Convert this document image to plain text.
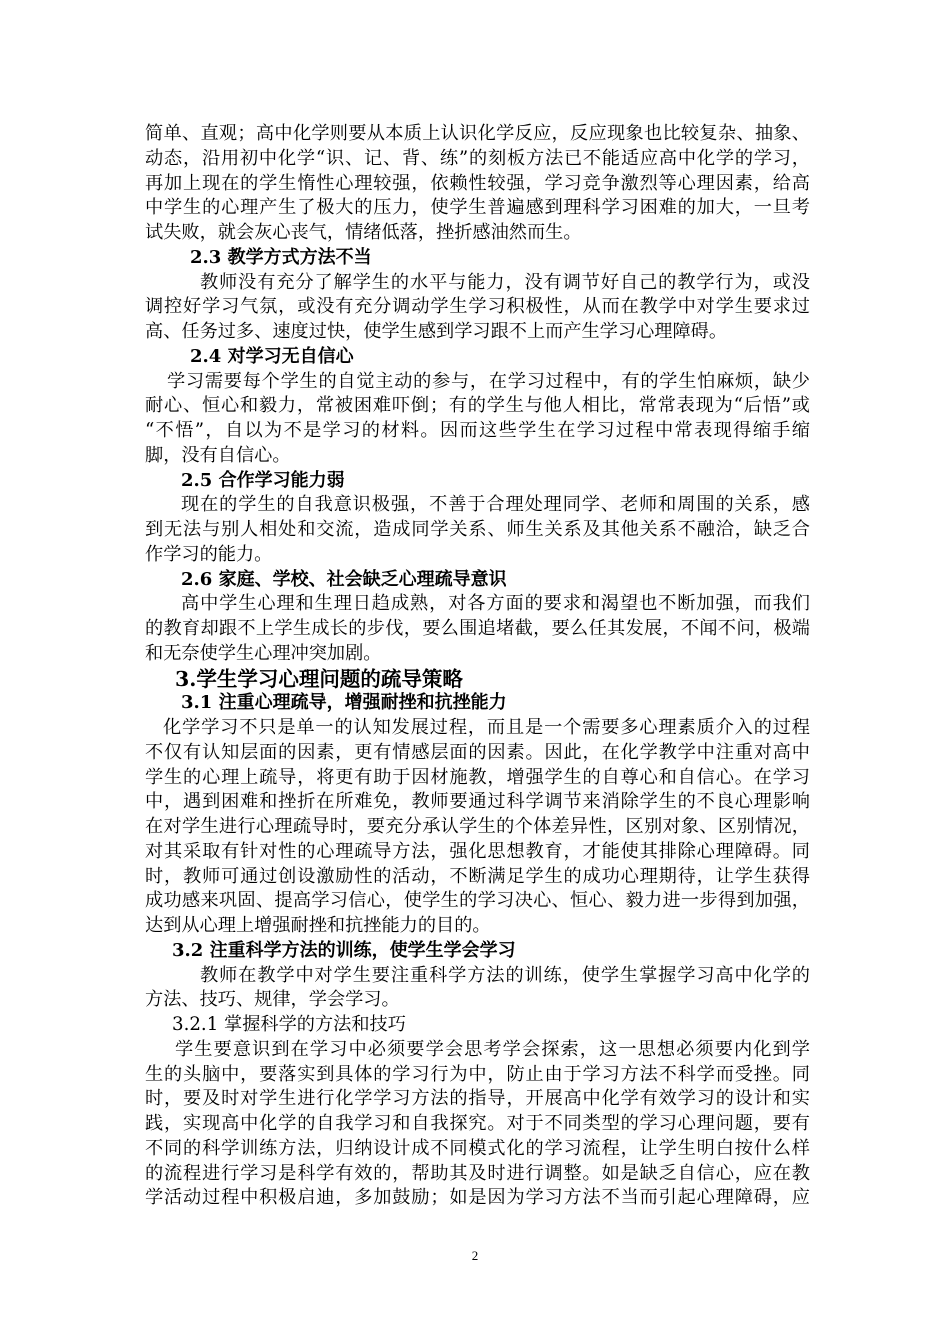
简单、直观；高中化学则要从本质上认识化学反应，反应现象也比较复杂、抽象、
动态，沿用初中化学“识、记、背、练”的刻板方法已不能适应高中化学的学习，
再加上现在的学生惰性心理较强，依赖性较强，学习竞争激烈等心理因素，给高
中学生的心理产生了极大的压力，使学生普遍感到理科学习困难的加大，一旦考
试失败，就会灰心丧气，情绪低落，挫折感油然而生。
2.3 教学方式方法不当
教师没有充分了解学生的水平与能力，没有调节好自己的教学行为，或没
调控好学习气氛，或没有充分调动学生学习积极性，从而在教学中对学生要求过
高、任务过多、速度过快，使学生感到学习跟不上而产生学习心理障碍。
2.4 对学习无自信心
学习需要每个学生的自觉主动的参与，在学习过程中，有的学生怕麻烦，缺少
耐心、恒心和毅力，常被困难吓倒；有的学生与他人相比，常常表现为“后悟”或
“不悟”，自以为不是学习的材料。因而这些学生在学习过程中常表现得缩手缩
脚，没有自信心。
2.5 合作学习能力弱
现在的学生的自我意识极强，不善于合理处理同学、老师和周围的关系，感
到无法与别人相处和交流，造成同学关系、师生关系及其他关系不融洽，缺乏合
作学习的能力。
2.6 家庭、学校、社会缺乏心理疏导意识
高中学生心理和生理日趋成熟，对各方面的要求和渴望也不断加强，而我们
的教育却跟不上学生成长的步伐，要么围追堵截，要么任其发展，不闻不问，极端
和无奈使学生心理冲突加剧。
3.学生学习心理问题的疏导策略
3.1 注重心理疏导，增强耐挫和抗挫能力
化学学习不只是单一的认知发展过程，而且是一个需要多心理素质介入的过程
不仅有认知层面的因素，更有情感层面的因素。因此，在化学教学中注重对高中
学生的心理上疏导，将更有助于因材施教，增强学生的自尊心和自信心。在学习
中，遇到困难和挫折在所难免，教师要通过科学调节来消除学生的不良心理影响
在对学生进行心理疏导时，要充分承认学生的个体差异性，区别对象、区别情况，
对其采取有针对性的心理疏导方法，强化思想教育，才能使其排除心理障碍。同
时，教师可通过创设激励性的活动，不断满足学生的成功心理期待，让学生获得
成功感来巩固、提高学习信心，使学生的学习决心、恒心、毅力进一步得到加强，
达到从心理上增强耐挫和抗挫能力的目的。
3.2 注重科学方法的训练，使学生学会学习
教师在教学中对学生要注重科学方法的训练，使学生掌握学习高中化学的
方法、技巧、规律，学会学习。
3.2.1 掌握科学的方法和技巧
学生要意识到在学习中必须要学会思考学会探索，这一思想必须要内化到学
生的头脑中，要落实到具体的学习行为中，防止由于学习方法不科学而受挫。同
时，要及时对学生进行化学学习方法的指导，开展高中化学有效学习的设计和实
践，实现高中化学的自我学习和自我探究。对于不同类型的学习心理问题，要有
不同的科学训练方法，归纳设计成不同模式化的学习流程，让学生明白按什么样
的流程进行学习是科学有效的，帮助其及时进行调整。如是缺乏自信心，应在教
学活动过程中积极启迪，多加鼓励；如是因为学习方法不当而引起心理障碍，应
2
